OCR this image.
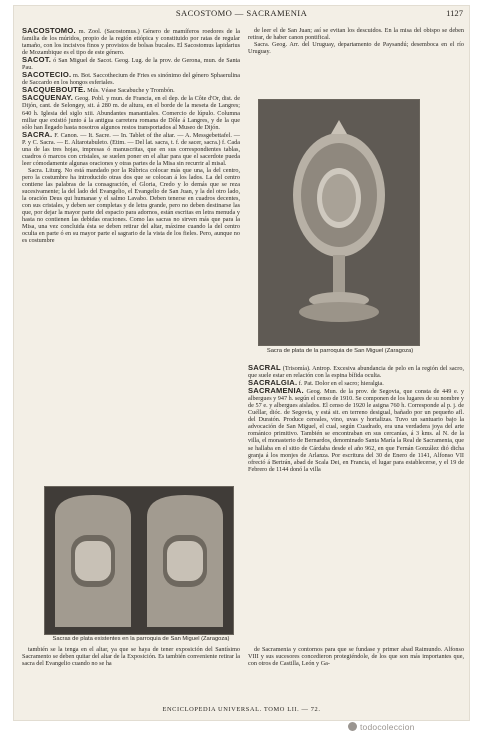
SACOSTOMO — SACRAMENIA	1127

SACOSTOMO. m. Zool. (Sacostomus.) Género de mamíferos roedores de la familia de los múridos, propio de la región etiópica y constituido por ratas de regular tamaño, con los incisivos finos y provistos de bolsas bucales. El Sacostomus lapidarius de Mozambique es el tipo de este género.

SACOT. ó San Miguel de Sacot. Geog. Lug. de la prov. de Gerona, mun. de Santa Pau.

SACOTECIO. m. Bot. Saccothecium de Fries es sinónimo del género Sphaerulina de Saccardo en los hongos esferiales.

SACQUEBOUTE. Mús. Véase Sacabuche y Trombón.

SACQUENAY. Geog. Pobl. y mun. de Francia, en el dep. de la Côte d'Or, dist. de Dijón, cant. de Selongey, sit. á 280 m. de altura, en el borde de la meseta de Langres; 640 h. Iglesia del siglo xiii. Abundantes manantiales. Comercio de lúpulo. Columna miliar que existió junto á la antigua carretera romana de Dôle á Langres, y de la que sólo han llegado hasta nosotros algunos restos transportados al Museo de Dijón.

SACRA. F. Canon. — It. Sacre. — In. Tablet of the altar. — A. Messgebettafel. — P. y C. Sacra. — E. Altarotabuleto. (Etim. — Del lat. sacra, t. f. de sacer, sacra.) f. Cada una de las tres hojas, impresas ó manuscritas, que en sus correspondientes tablas, cuadros ó marcos con cristales, se suelen poner en el altar para que el sacerdote pueda leer cómodamente algunas oraciones y otras partes de la Misa sin recurrir al misal.

Sacra. Liturg. No está mandado por la Rúbrica colocar más que una, la del centro, pero la costumbre ha introducido otras dos que se colocan á los lados. La del centro contiene las palabras de la consagración, el Gloria, Credo y lo demás que se reza sucesivamente; la del lado del Evangelio, el Evangelio de San Juan, y la del otro lado, la oración Deus qui humanae y el salmo Lavabo. Deben tenerse en cuadros decentes, con sus cristales, y deben ser completas y de letra grande, pero no deben destinarse las que, por dejar la mayor parte del espacio para adornos, están escritas en letra menuda y hasta no contienen las debidas oraciones. Como las sacras no sirven más que para la Misa, una vez concluida ésta se deben retirar del altar, máxime cuando la del centro oculta en parte ó en su mayor parte el sagrario de la vista de los fieles. Pero, aunque no es costumbre

de leer el de San Juan; así se evitan los descuidos. En la misa del obispo se deben retirar, de haber canon pontifical.

Sacra. Geog. Arr. del Uruguay, departamento de Paysandú; desemboca en el río Uruguay.

Sacra de plata de la parroquia de San Miguel (Zaragoza)

SACRAL (Trisomía). Antrop. Excesiva abundancia de pelo en la región del sacro, que suele estar en relación con la espina bífida oculta.

SACRALGIA. f. Pat. Dolor en el sacro; hieralgia.

SACRAMENIA. Geog. Mun. de la prov. de Segovia, que consta de 449 e. y albergues y 947 h. según el censo de 1910. Se componen de los lugares de su nombre y de 57 e. y albergues aislados. El censo de 1920 le asigna 760 h. Corresponde al p. j. de Cuéllar, dióc. de Segovia, y está sit. en terreno desigual, bañado por un pequeño afl. del Duratón. Produce cereales, vino, uvas y hortalizas. Tuvo un santuario bajo la advocación de San Miguel, el cual, según Cuadrado, era una verdadera joya del arte románico primitivo. También se encontraban en sus cercanías, á 3 kms. al N. de la villa, el monasterio de Bernardos, denominado Santa María la Real de Sacramenia, que se hallaba en el sitio de Cárdaba desde el año 962, en que Fernán González dió dicha granja á los monjes de Arlanza. Por escritura del 30 de Enero de 1141, Alfonso VII ofreció á Bertrán, abad de Scala Dei, en Francia, el lugar para establecerse, y el 19 de Febrero de 1144 donó la villa

Sacras de plata existentes en la parroquia de San Miguel (Zaragoza)

también se la tenga en el altar, ya que se haya de tener exposición del Santísimo Sacramento se deben quitar del altar de la Exposición. Es también conveniente retirar la sacra del Evangelio cuando no se ha

de Sacramenia y contornos para que se fundase y primer abad Raimundo. Alfonso VIII y sus sucesores concedieron protegiéndole, de los que son más importantes que, con otros de Castilla, León y Ga-

ENCICLOPEDIA UNIVERSAL. TOMO LII. — 72.
todocoleccion
